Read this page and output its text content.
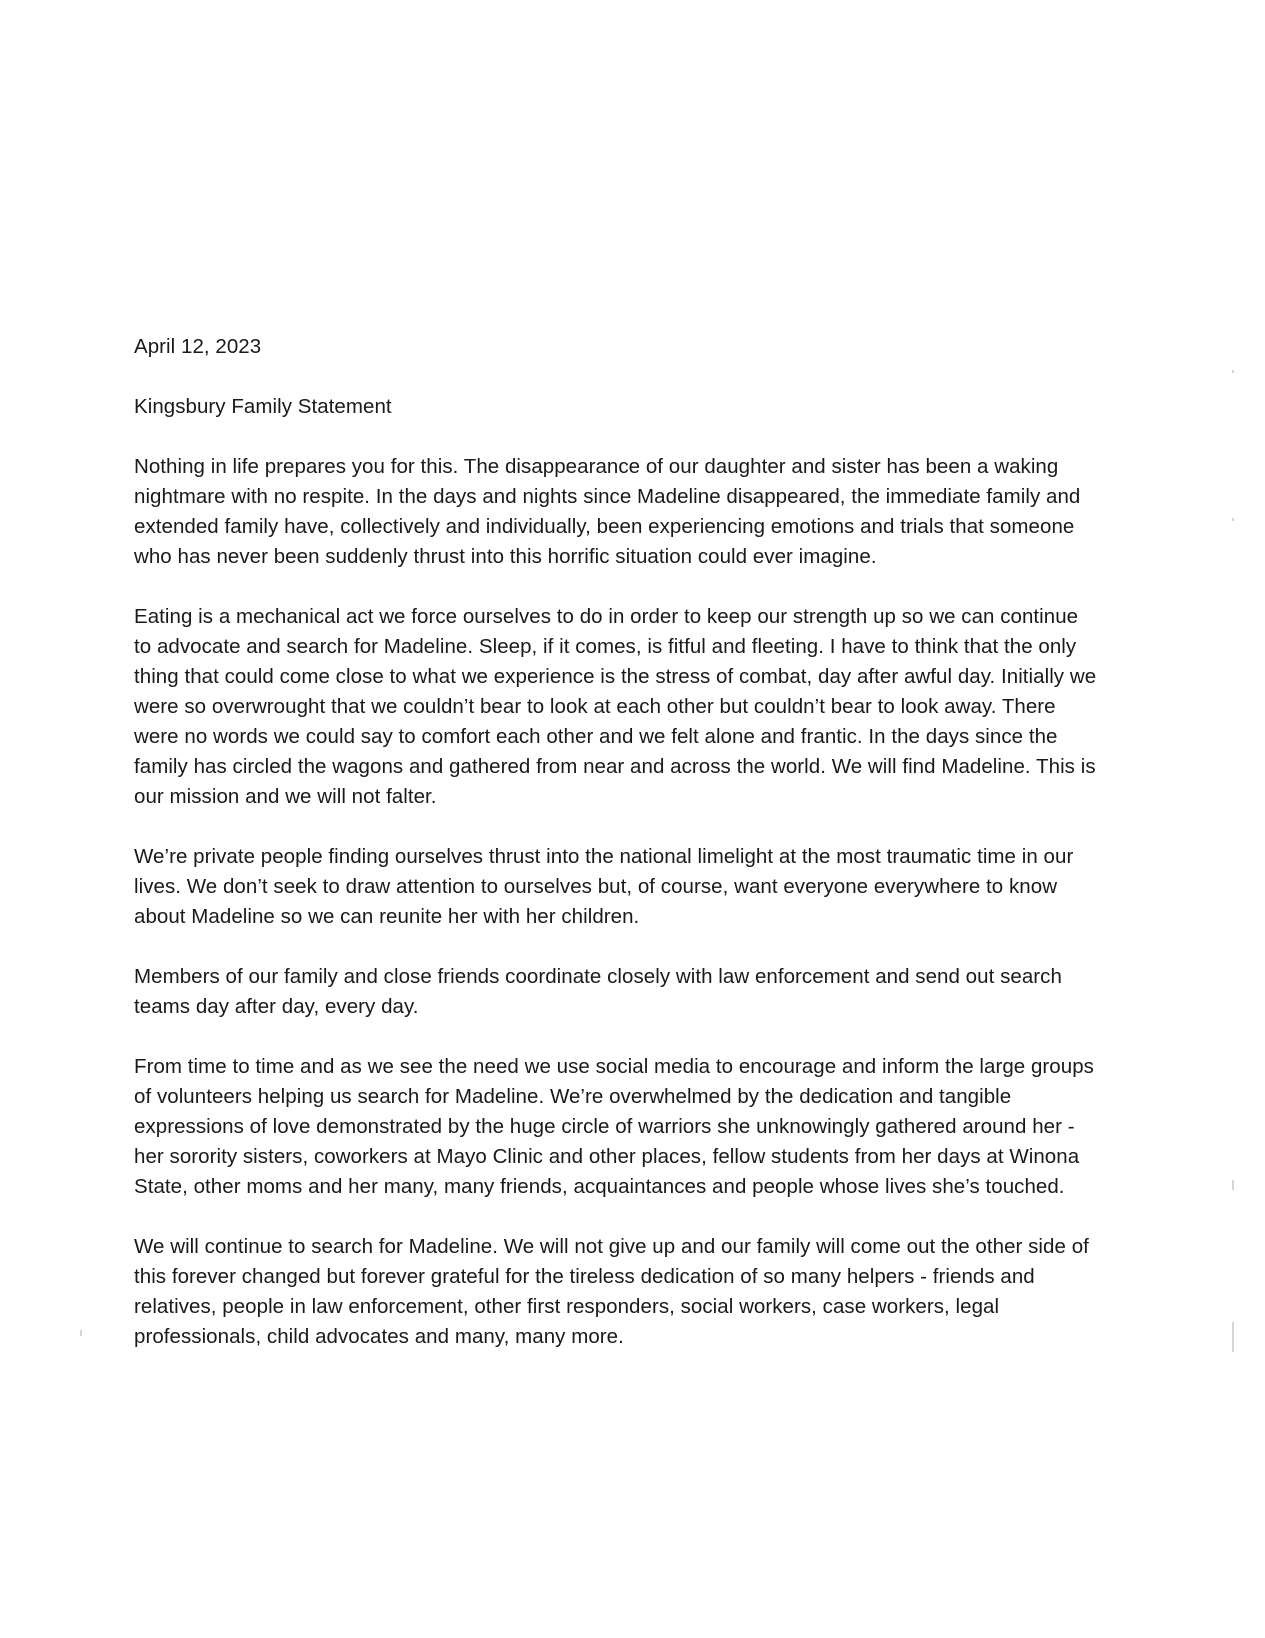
April 12, 2023
Kingsbury Family Statement

Nothing in life prepares you for this. The disappearance of our daughter and sister has been a waking nightmare with no respite. In the days and nights since Madeline disappeared, the immediate family and extended family have, collectively and individually, been experiencing emotions and trials that someone who has never been suddenly thrust into this horrific situation could ever imagine.

Eating is a mechanical act we force ourselves to do in order to keep our strength up so we can continue to advocate and search for Madeline. Sleep, if it comes, is fitful and fleeting. I have to think that the only thing that could come close to what we experience is the stress of combat, day after awful day. Initially we were so overwrought that we couldn’t bear to look at each other but couldn’t bear to look away. There were no words we could say to comfort each other and we felt alone and frantic. In the days since the family has circled the wagons and gathered from near and across the world. We will find Madeline. This is our mission and we will not falter.

We’re private people finding ourselves thrust into the national limelight at the most traumatic time in our lives. We don’t seek to draw attention to ourselves but, of course, want everyone everywhere to know about Madeline so we can reunite her with her children.

Members of our family and close friends coordinate closely with law enforcement and send out search teams day after day, every day.

From time to time and as we see the need we use social media to encourage and inform the large groups of volunteers helping us search for Madeline. We’re overwhelmed by the dedication and tangible expressions of love demonstrated by the huge circle of warriors she unknowingly gathered around her - her sorority sisters, coworkers at Mayo Clinic and other places, fellow students from her days at Winona State, other moms and her many, many friends, acquaintances and people whose lives she’s touched.

We will continue to search for Madeline. We will not give up and our family will come out the other side of this forever changed but forever grateful for the tireless dedication of so many helpers - friends and relatives, people in law enforcement, other first responders, social workers, case workers, legal professionals, child advocates and many, many more.
